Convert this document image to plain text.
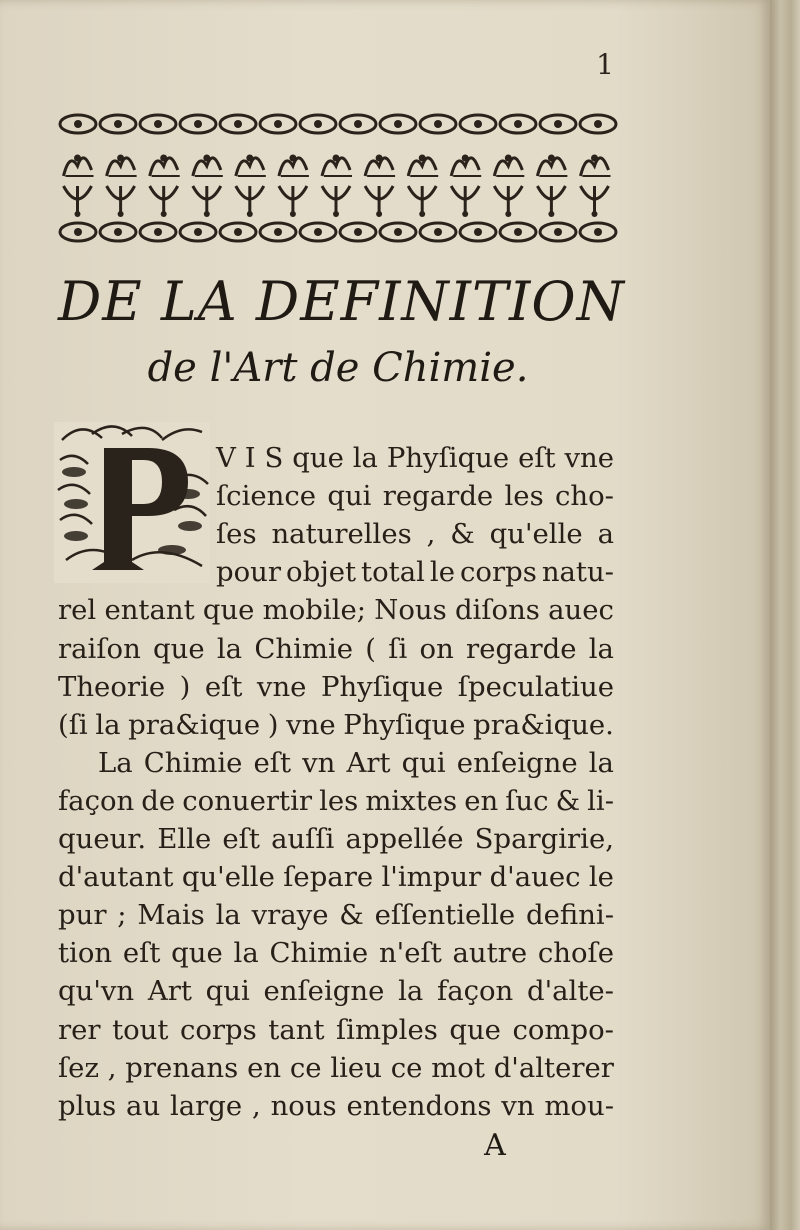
1
DE LA DEFINITION
de l'Art de Chimie.
V I S que la Phyſique eſt vne
ſcience qui regarde les cho-
ſes naturelles , & qu'elle a
pour objet total le corps natu-
rel entant que mobile; Nous diſons auec
raiſon que la Chimie ( ſi on regarde la
Theorie ) eſt vne Phyſique ſpeculatiue
(ſi la pra&ique ) vne Phyſique pra&ique.
La Chimie eſt vn Art qui enſeigne la
façon de conuertir les mixtes en ſuc & li-
queur. Elle eſt auſſi appellée Spargirie,
d'autant qu'elle ſepare l'impur d'auec le
pur ; Mais la vraye & eſſentielle defini-
tion eſt que la Chimie n'eſt autre choſe
qu'vn Art qui enſeigne la façon d'alte-
rer tout corps tant ſimples que compo-
ſez , prenans en ce lieu ce mot d'alterer
plus au large , nous entendons vn mou-
A
